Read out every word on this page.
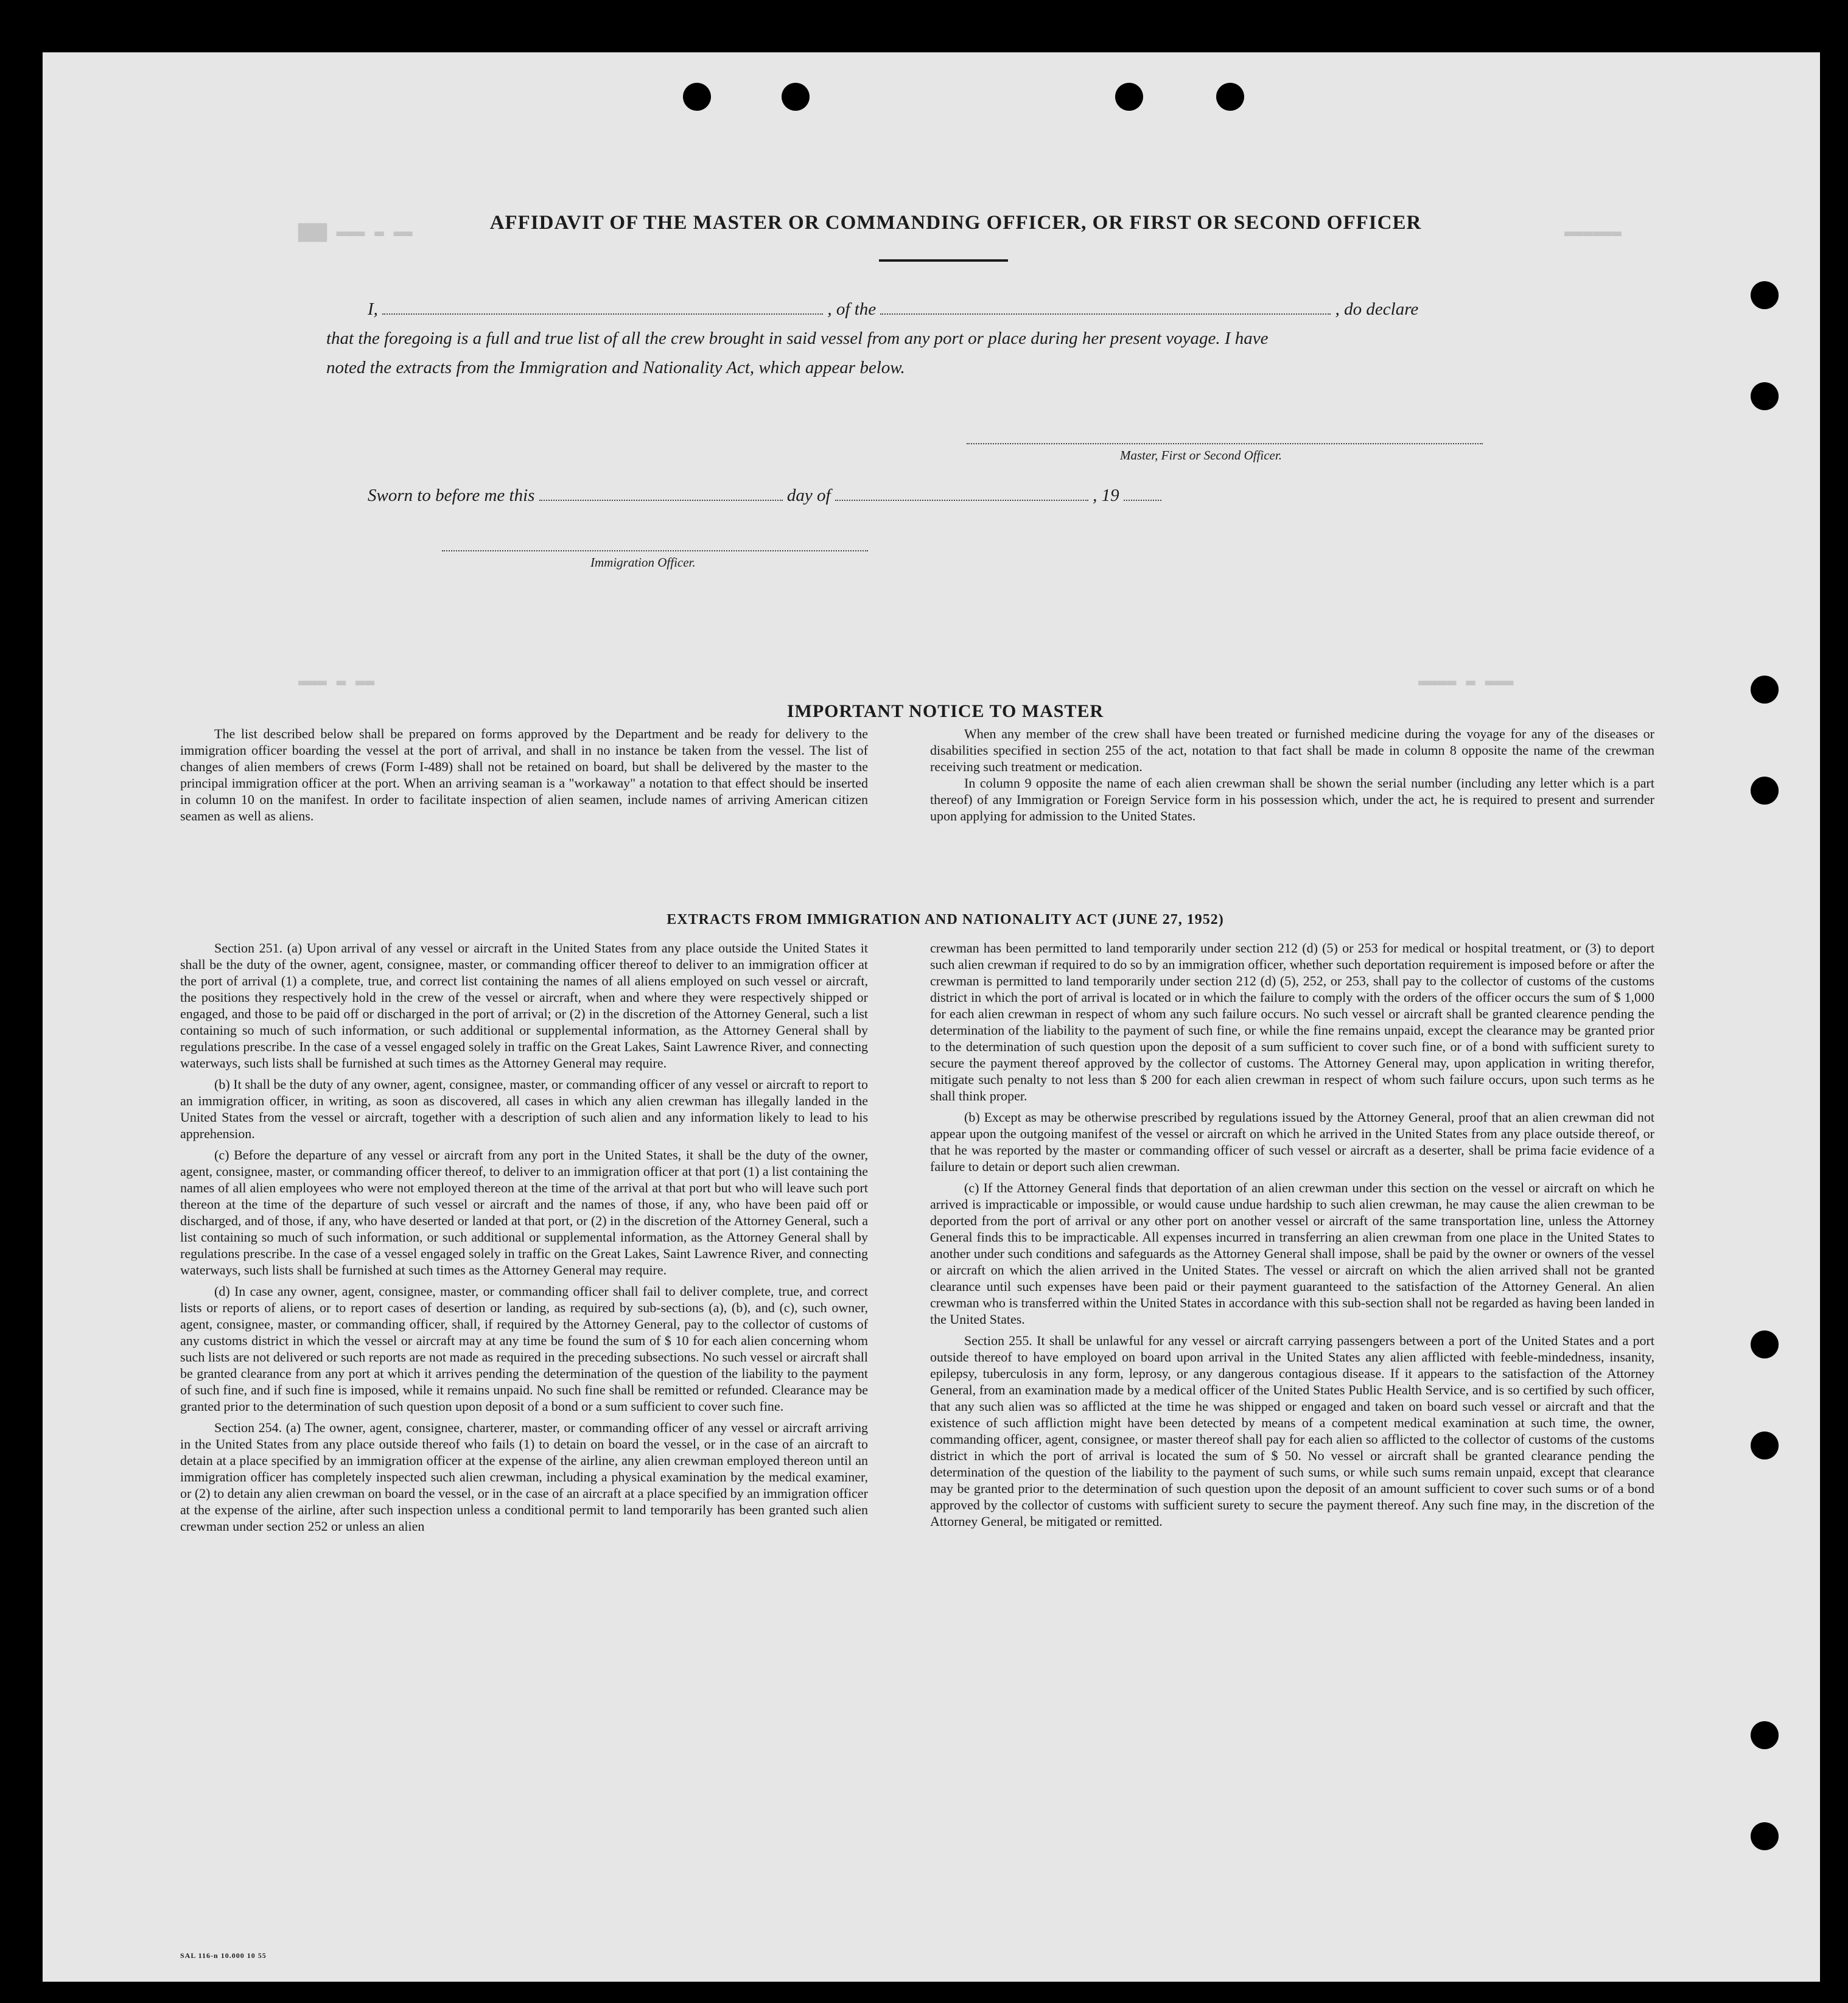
███ ▬▬▬ ▬ ▬▬	▬▬▬▬▬▬
▬▬▬ ▬ ▬▬	▬▬▬▬ ▬ ▬▬▬
AFFIDAVIT OF THE MASTER OR COMMANDING OFFICER, OR FIRST OR SECOND OFFICER
I,	, of the	, do declare
that the foregoing is a full and true list of all the crew brought in said vessel from any port or place during her present voyage. I have
noted the extracts from the Immigration and Nationality Act, which appear below.
Master, First or Second Officer.
Sworn to before me this	day of	, 19
Immigration Officer.
IMPORTANT NOTICE TO MASTER

The list described below shall be prepared on forms approved by the Department and be ready for delivery to the immigration officer boarding the vessel at the port of arrival, and shall in no instance be taken from the vessel. The list of changes of alien members of crews (Form I-489) shall not be retained on board, but shall be delivered by the master to the principal immigration officer at the port. When an arriving seaman is a "workaway" a notation to that effect should be inserted in column 10 on the manifest. In order to facilitate inspection of alien seamen, include names of arriving American citizen seamen as well as aliens.

When any member of the crew shall have been treated or furnished medicine during the voyage for any of the diseases or disabilities specified in section 255 of the act, notation to that fact shall be made in column 8 opposite the name of the crewman receiving such treatment or medication.

In column 9 opposite the name of each alien crewman shall be shown the serial number (including any letter which is a part thereof) of any Immigration or Foreign Service form in his possession which, under the act, he is required to present and surrender upon applying for admission to the United States.

EXTRACTS FROM IMMIGRATION AND NATIONALITY ACT (JUNE 27, 1952)

Section 251. (a) Upon arrival of any vessel or aircraft in the United States from any place outside the United States it shall be the duty of the owner, agent, consignee, master, or commanding officer thereof to deliver to an immigration officer at the port of arrival (1) a complete, true, and correct list containing the names of all aliens employed on such vessel or aircraft, the positions they respectively hold in the crew of the vessel or aircraft, when and where they were respectively shipped or engaged, and those to be paid off or discharged in the port of arrival; or (2) in the discretion of the Attorney General, such a list containing so much of such information, or such additional or supplemental information, as the Attorney General shall by regulations prescribe. In the case of a vessel engaged solely in traffic on the Great Lakes, Saint Lawrence River, and connecting waterways, such lists shall be furnished at such times as the Attorney General may require.

(b) It shall be the duty of any owner, agent, consignee, master, or commanding officer of any vessel or aircraft to report to an immigration officer, in writing, as soon as discovered, all cases in which any alien crewman has illegally landed in the United States from the vessel or aircraft, together with a description of such alien and any information likely to lead to his apprehension.

(c) Before the departure of any vessel or aircraft from any port in the United States, it shall be the duty of the owner, agent, consignee, master, or commanding officer thereof, to deliver to an immigration officer at that port (1) a list containing the names of all alien employees who were not employed thereon at the time of the arrival at that port but who will leave such port thereon at the time of the departure of such vessel or aircraft and the names of those, if any, who have been paid off or discharged, and of those, if any, who have deserted or landed at that port, or (2) in the discretion of the Attorney General, such a list containing so much of such information, or such additional or supplemental information, as the Attorney General shall by regulations prescribe. In the case of a vessel engaged solely in traffic on the Great Lakes, Saint Lawrence River, and connecting waterways, such lists shall be furnished at such times as the Attorney General may require.

(d) In case any owner, agent, consignee, master, or commanding officer shall fail to deliver complete, true, and correct lists or reports of aliens, or to report cases of desertion or landing, as required by sub-sections (a), (b), and (c), such owner, agent, consignee, master, or commanding officer, shall, if required by the Attorney General, pay to the collector of customs of any customs district in which the vessel or aircraft may at any time be found the sum of $ 10 for each alien concerning whom such lists are not delivered or such reports are not made as required in the preceding subsections. No such vessel or aircraft shall be granted clearance from any port at which it arrives pending the determination of the question of the liability to the payment of such fine, and if such fine is imposed, while it remains unpaid. No such fine shall be remitted or refunded. Clearance may be granted prior to the determination of such question upon deposit of a bond or a sum sufficient to cover such fine.

Section 254. (a) The owner, agent, consignee, charterer, master, or commanding officer of any vessel or aircraft arriving in the United States from any place outside thereof who fails (1) to detain on board the vessel, or in the case of an aircraft to detain at a place specified by an immigration officer at the expense of the airline, any alien crewman employed thereon until an immigration officer has completely inspected such alien crewman, including a physical examination by the medical examiner, or (2) to detain any alien crewman on board the vessel, or in the case of an aircraft at a place specified by an immigration officer at the expense of the airline, after such inspection unless a conditional permit to land temporarily has been granted such alien crewman under section 252 or unless an alien

crewman has been permitted to land temporarily under section 212 (d) (5) or 253 for medical or hospital treatment, or (3) to deport such alien crewman if required to do so by an immigration officer, whether such deportation requirement is imposed before or after the crewman is permitted to land temporarily under section 212 (d) (5), 252, or 253, shall pay to the collector of customs of the customs district in which the port of arrival is located or in which the failure to comply with the orders of the officer occurs the sum of $ 1,000 for each alien crewman in respect of whom any such failure occurs. No such vessel or aircraft shall be granted clearence pending the determination of the liability to the payment of such fine, or while the fine remains unpaid, except the clearance may be granted prior to the determination of such question upon the deposit of a sum sufficient to cover such fine, or of a bond with sufficient surety to secure the payment thereof approved by the collector of customs. The Attorney General may, upon application in writing therefor, mitigate such penalty to not less than $ 200 for each alien crewman in respect of whom such failure occurs, upon such terms as he shall think proper.

(b) Except as may be otherwise prescribed by regulations issued by the Attorney General, proof that an alien crewman did not appear upon the outgoing manifest of the vessel or aircraft on which he arrived in the United States from any place outside thereof, or that he was reported by the master or commanding officer of such vessel or aircraft as a deserter, shall be prima facie evidence of a failure to detain or deport such alien crewman.

(c) If the Attorney General finds that deportation of an alien crewman under this section on the vessel or aircraft on which he arrived is impracticable or impossible, or would cause undue hardship to such alien crewman, he may cause the alien crewman to be deported from the port of arrival or any other port on another vessel or aircraft of the same transportation line, unless the Attorney General finds this to be impracticable. All expenses incurred in transferring an alien crewman from one place in the United States to another under such conditions and safeguards as the Attorney General shall impose, shall be paid by the owner or owners of the vessel or aircraft on which the alien arrived in the United States. The vessel or aircraft on which the alien arrived shall not be granted clearance until such expenses have been paid or their payment guaranteed to the satisfaction of the Attorney General. An alien crewman who is transferred within the United States in accordance with this sub-section shall not be regarded as having been landed in the United States.

Section 255. It shall be unlawful for any vessel or aircraft carrying passengers between a port of the United States and a port outside thereof to have employed on board upon arrival in the United States any alien afflicted with feeble-mindedness, insanity, epilepsy, tuberculosis in any form, leprosy, or any dangerous contagious disease. If it appears to the satisfaction of the Attorney General, from an examination made by a medical officer of the United States Public Health Service, and is so certified by such officer, that any such alien was so afflicted at the time he was shipped or engaged and taken on board such vessel or aircraft and that the existence of such affliction might have been detected by means of a competent medical examination at such time, the owner, commanding officer, agent, consignee, or master thereof shall pay for each alien so afflicted to the collector of customs of the customs district in which the port of arrival is located the sum of $ 50. No vessel or aircraft shall be granted clearance pending the determination of the question of the liability to the payment of such sums, or while such sums remain unpaid, except that clearance may be granted prior to the determination of such question upon the deposit of an amount sufficient to cover such sums or of a bond approved by the collector of customs with sufficient surety to secure the payment thereof. Any such fine may, in the discretion of the Attorney General, be mitigated or remitted.

SAL 116-n 10.000 10 55
